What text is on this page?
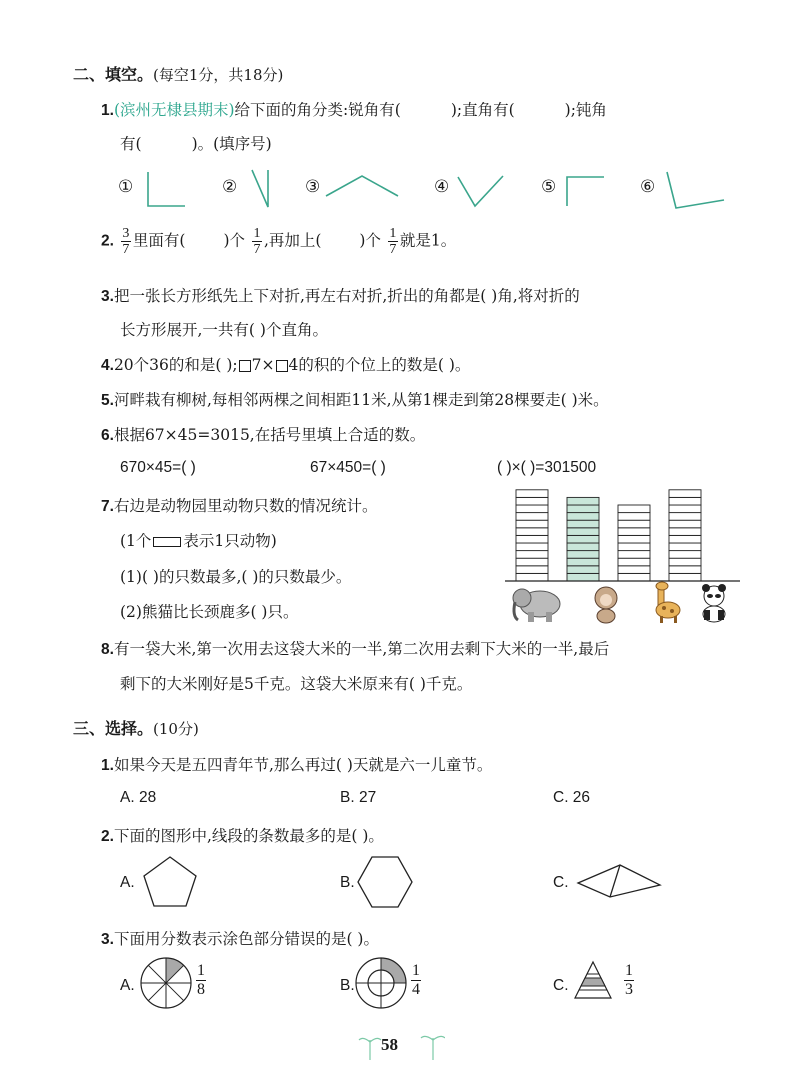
二、填空。(每空1分，共18分)
1.(滨州无棣县期末)给下面的角分类:锐角有(	);直角有(	);钝角
有(	)。(填序号)
①	②	③	④	⑤	⑥
2. $\frac{3}{7}$ 里面有( )个 $\frac{1}{7}$ ,再加上( )个 $\frac{1}{7}$ 就是1。
3.把一张长方形纸先上下对折,再左右对折,折出的角都是( )角,将对折的
长方形展开,一共有( )个直角。
4.20个36的和是( ); 7× 4的积的个位上的数是( )。
5.河畔栽有柳树,每相邻两棵之间相距11米,从第1棵走到第28棵要走( )米。
6.根据67×45=3015,在括号里填上合适的数。
670×45=( )	67×450=( )	( )×( )=301500
7.右边是动物园里动物只数的情况统计。
(1个 表示1只动物)
(1)( )的只数最多,( )的只数最少。
(2)熊猫比长颈鹿多( )只。
8.有一袋大米,第一次用去这袋大米的一半,第二次用去剩下大米的一半,最后
剩下的大米刚好是5千克。这袋大米原来有( )千克。
三、选择。(10分)
1.如果今天是五四青年节,那么再过( )天就是六一儿童节。
A. 28	B. 27	C. 26
2.下面的图形中,线段的条数最多的是( )。
A.	B.	C.
3.下面用分数表示涂色部分错误的是( )。
A.	B.	C.
$\frac{1}{8}$	$\frac{1}{4}$	$\frac{1}{3}$
58
